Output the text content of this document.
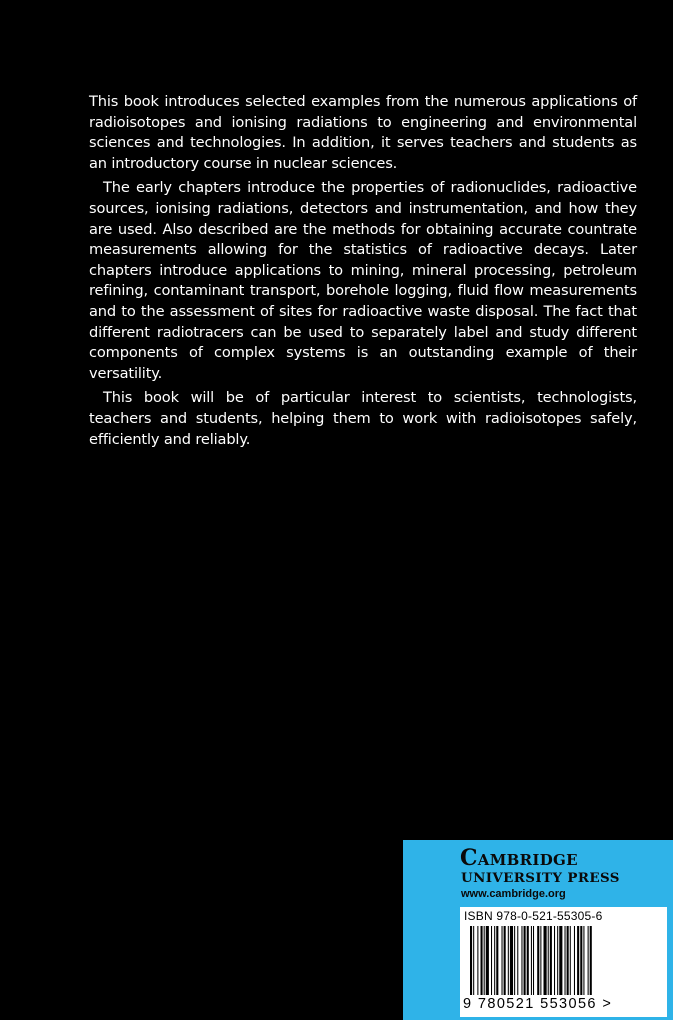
This book introduces selected examples from the numerous applications of radioisotopes and ionising radiations to engineering and environmental sciences and technologies. In addition, it serves teachers and students as an introductory course in nuclear sciences.

The early chapters introduce the properties of radionuclides, radioactive sources, ionising radiations, detectors and instrumentation, and how they are used. Also described are the methods for obtaining accurate countrate measurements allowing for the statistics of radioactive decays. Later chapters introduce applications to mining, mineral processing, petroleum refining, contaminant transport, borehole logging, fluid flow measurements and to the assessment of sites for radioactive waste disposal. The fact that different radiotracers can be used to separately label and study different components of complex systems is an outstanding example of their versatility.

This book will be of particular interest to scientists, technologists, teachers and students, helping them to work with radioisotopes safely, efficiently and reliably.

Cambridge
UNIVERSITY PRESS
www.cambridge.org
ISBN 978-0-521-55305-6
9 780521 553056 >
